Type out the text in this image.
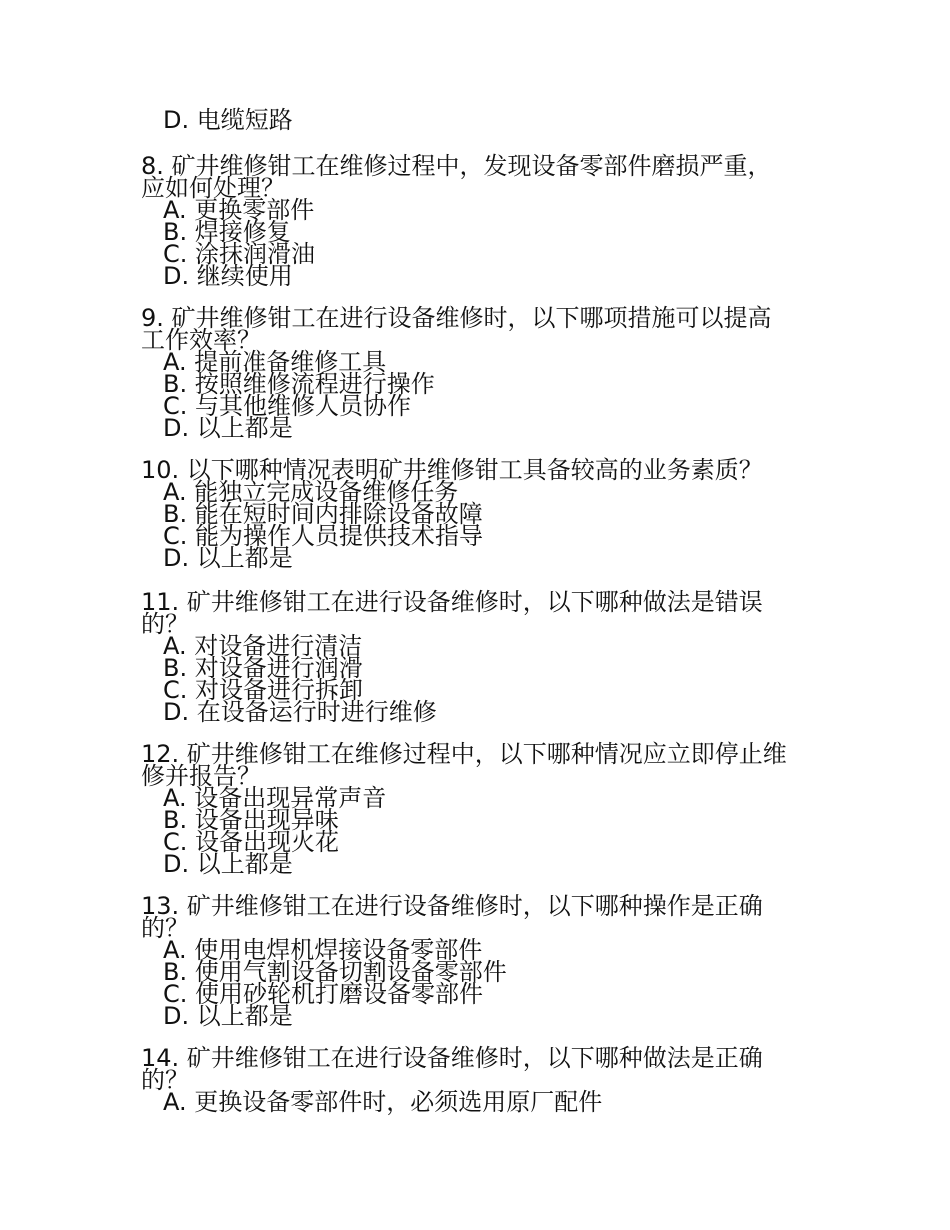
D. 电缆短路

8. 矿井维修钳工在维修过程中，发现设备零部件磨损严重，

应如何处理？

A. 更换零部件

B. 焊接修复

C. 涂抹润滑油

D. 继续使用

9. 矿井维修钳工在进行设备维修时，以下哪项措施可以提高

工作效率？

A. 提前准备维修工具

B. 按照维修流程进行操作

C. 与其他维修人员协作

D. 以上都是

10. 以下哪种情况表明矿井维修钳工具备较高的业务素质？

A. 能独立完成设备维修任务

B. 能在短时间内排除设备故障

C. 能为操作人员提供技术指导

D. 以上都是

11. 矿井维修钳工在进行设备维修时，以下哪种做法是错误

的？

A. 对设备进行清洁

B. 对设备进行润滑

C. 对设备进行拆卸

D. 在设备运行时进行维修

12. 矿井维修钳工在维修过程中，以下哪种情况应立即停止维

修并报告？

A. 设备出现异常声音

B. 设备出现异味

C. 设备出现火花

D. 以上都是

13. 矿井维修钳工在进行设备维修时，以下哪种操作是正确

的？

A. 使用电焊机焊接设备零部件

B. 使用气割设备切割设备零部件

C. 使用砂轮机打磨设备零部件

D. 以上都是

14. 矿井维修钳工在进行设备维修时，以下哪种做法是正确

的？

A. 更换设备零部件时，必须选用原厂配件
